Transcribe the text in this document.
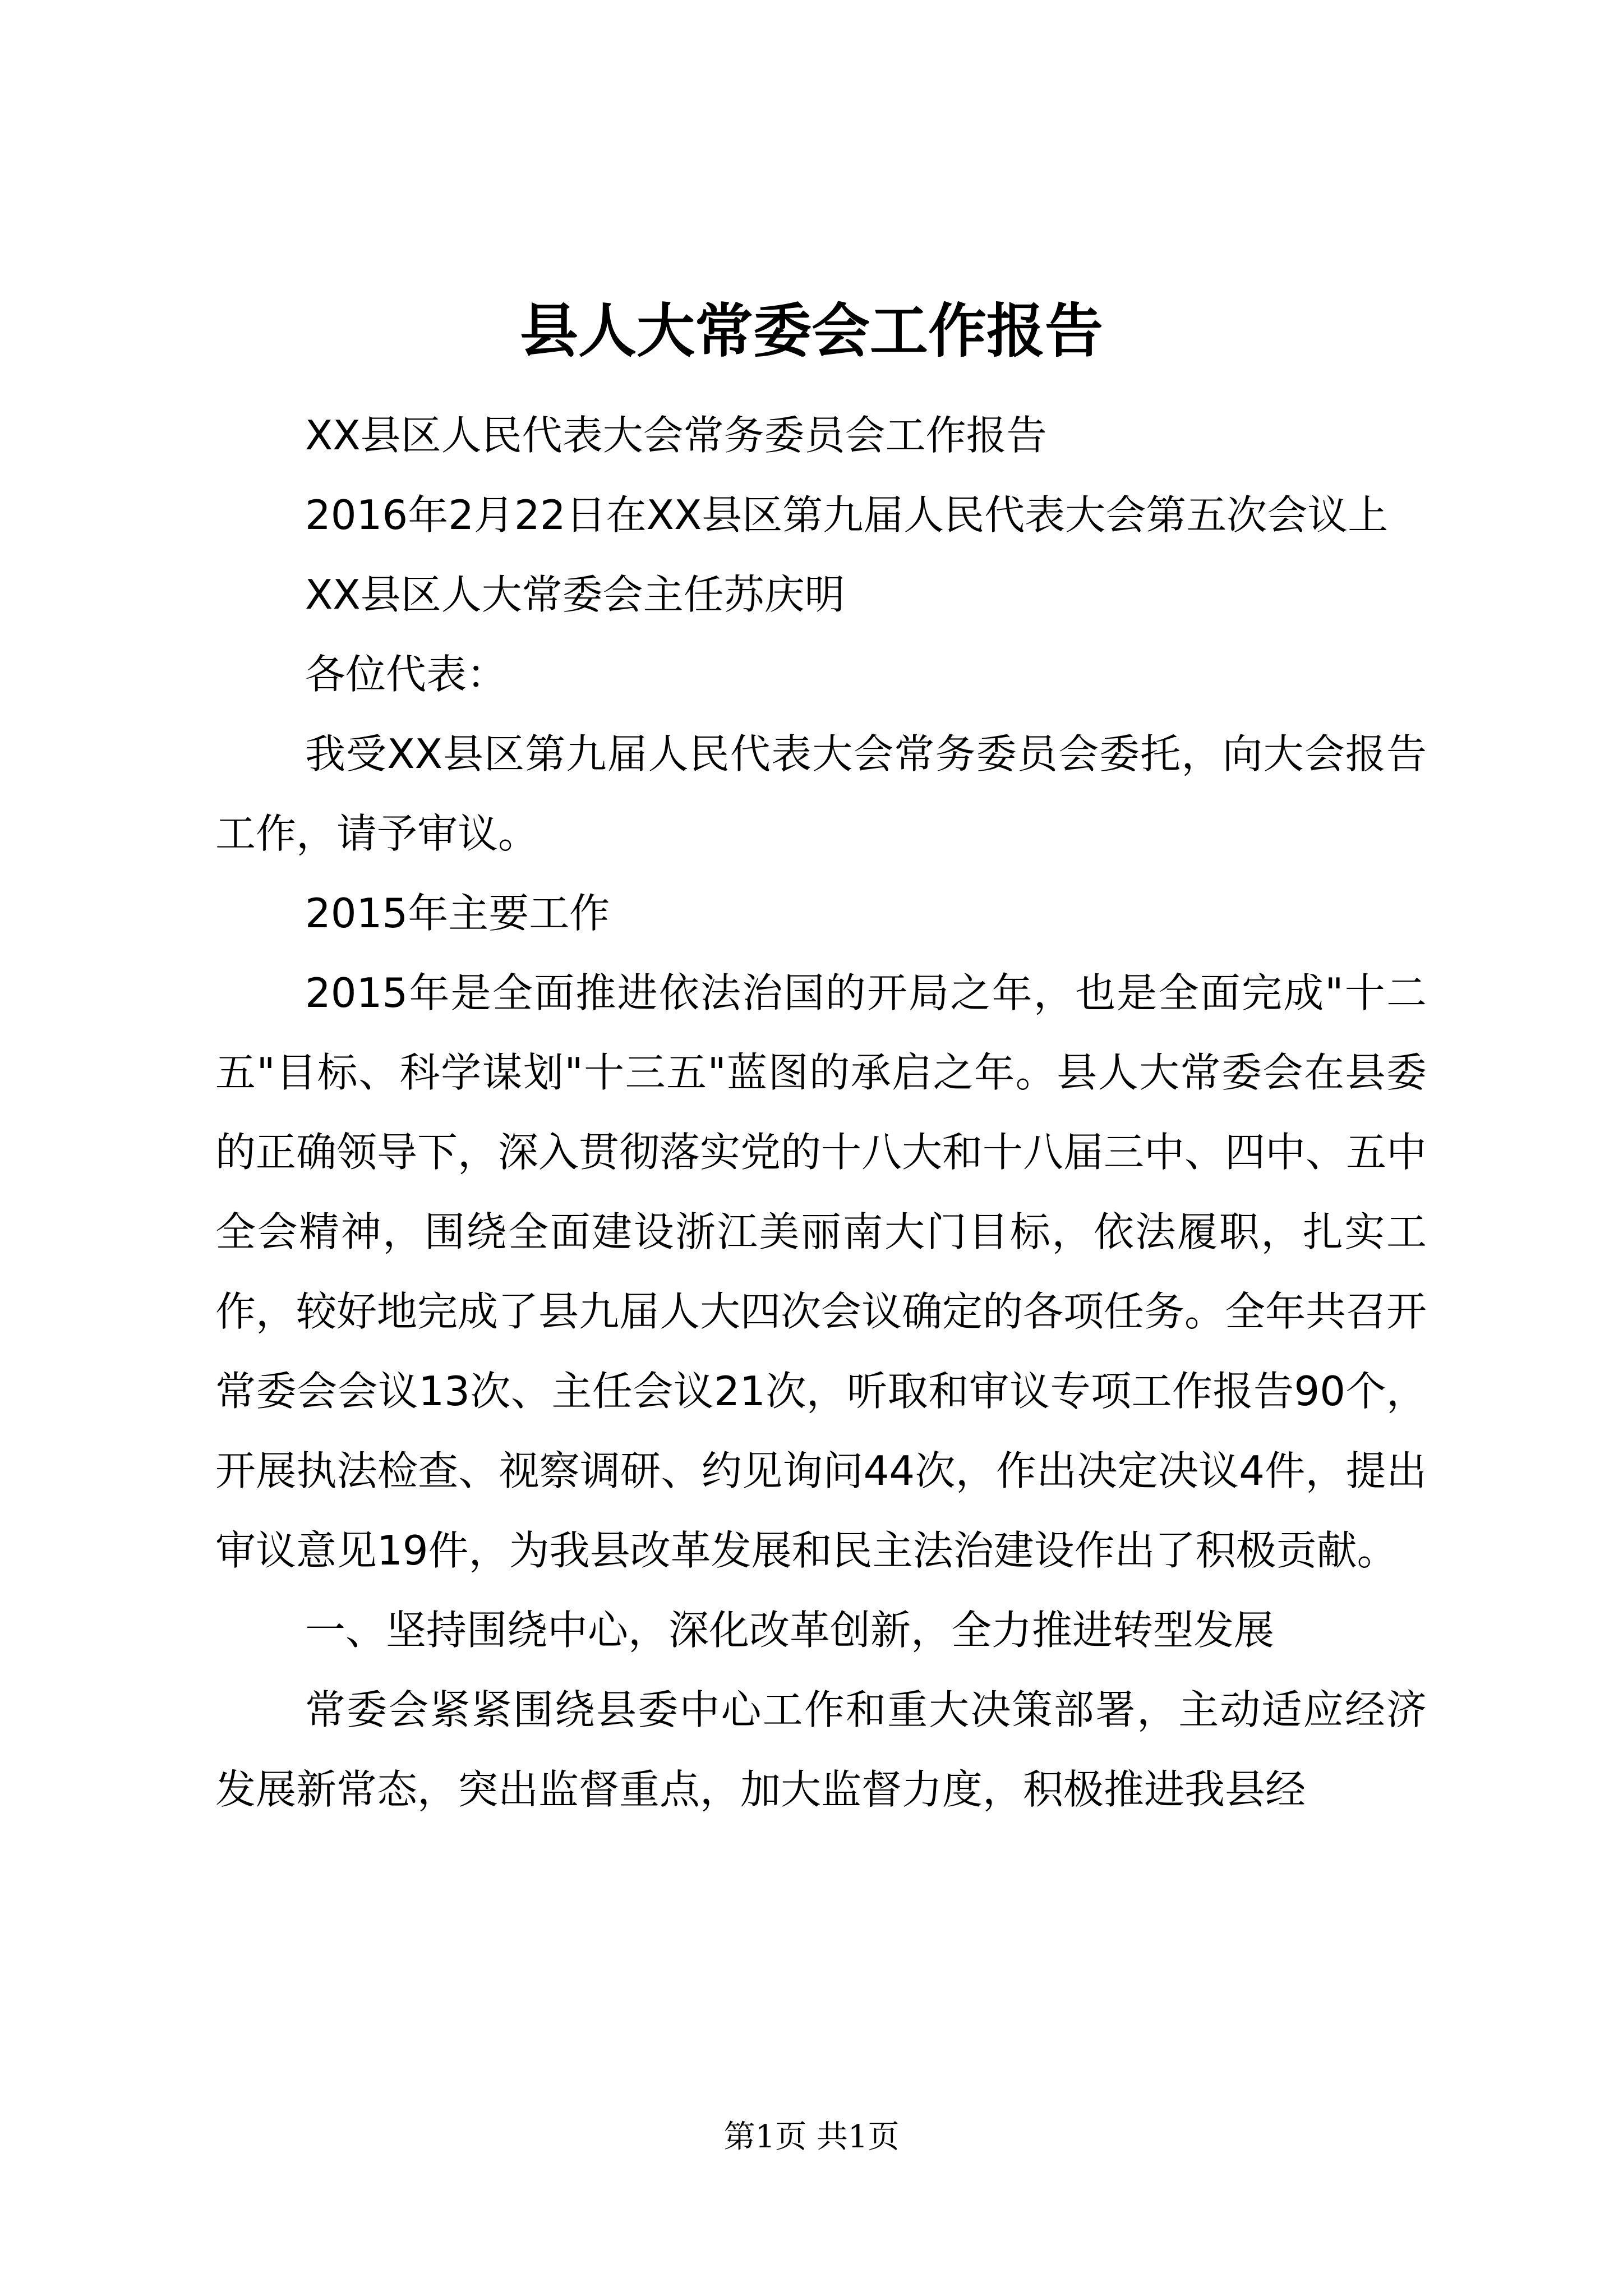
县人大常委会工作报告

XX县区人民代表大会常务委员会工作报告

2016年2月22日在XX县区第九届人民代表大会第五次会议上

XX县区人大常委会主任苏庆明

各位代表：

我受XX县区第九届人民代表大会常务委员会委托，向大会报告工作，请予审议。

2015年主要工作

2015年是全面推进依法治国的开局之年，也是全面完成"十二五"目标、科学谋划"十三五"蓝图的承启之年。县人大常委会在县委的正确领导下，深入贯彻落实党的十八大和十八届三中、四中、五中全会精神，围绕全面建设浙江美丽南大门目标，依法履职，扎实工作，较好地完成了县九届人大四次会议确定的各项任务。全年共召开常委会会议13次、主任会议21次，听取和审议专项工作报告90个，开展执法检查、视察调研、约见询问44次，作出决定决议4件，提出审议意见19件，为我县改革发展和民主法治建设作出了积极贡献。

一、坚持围绕中心，深化改革创新，全力推进转型发展

常委会紧紧围绕县委中心工作和重大决策部署，主动适应经济发展新常态，突出监督重点，加大监督力度，积极推进我县经

第1页 共1页
